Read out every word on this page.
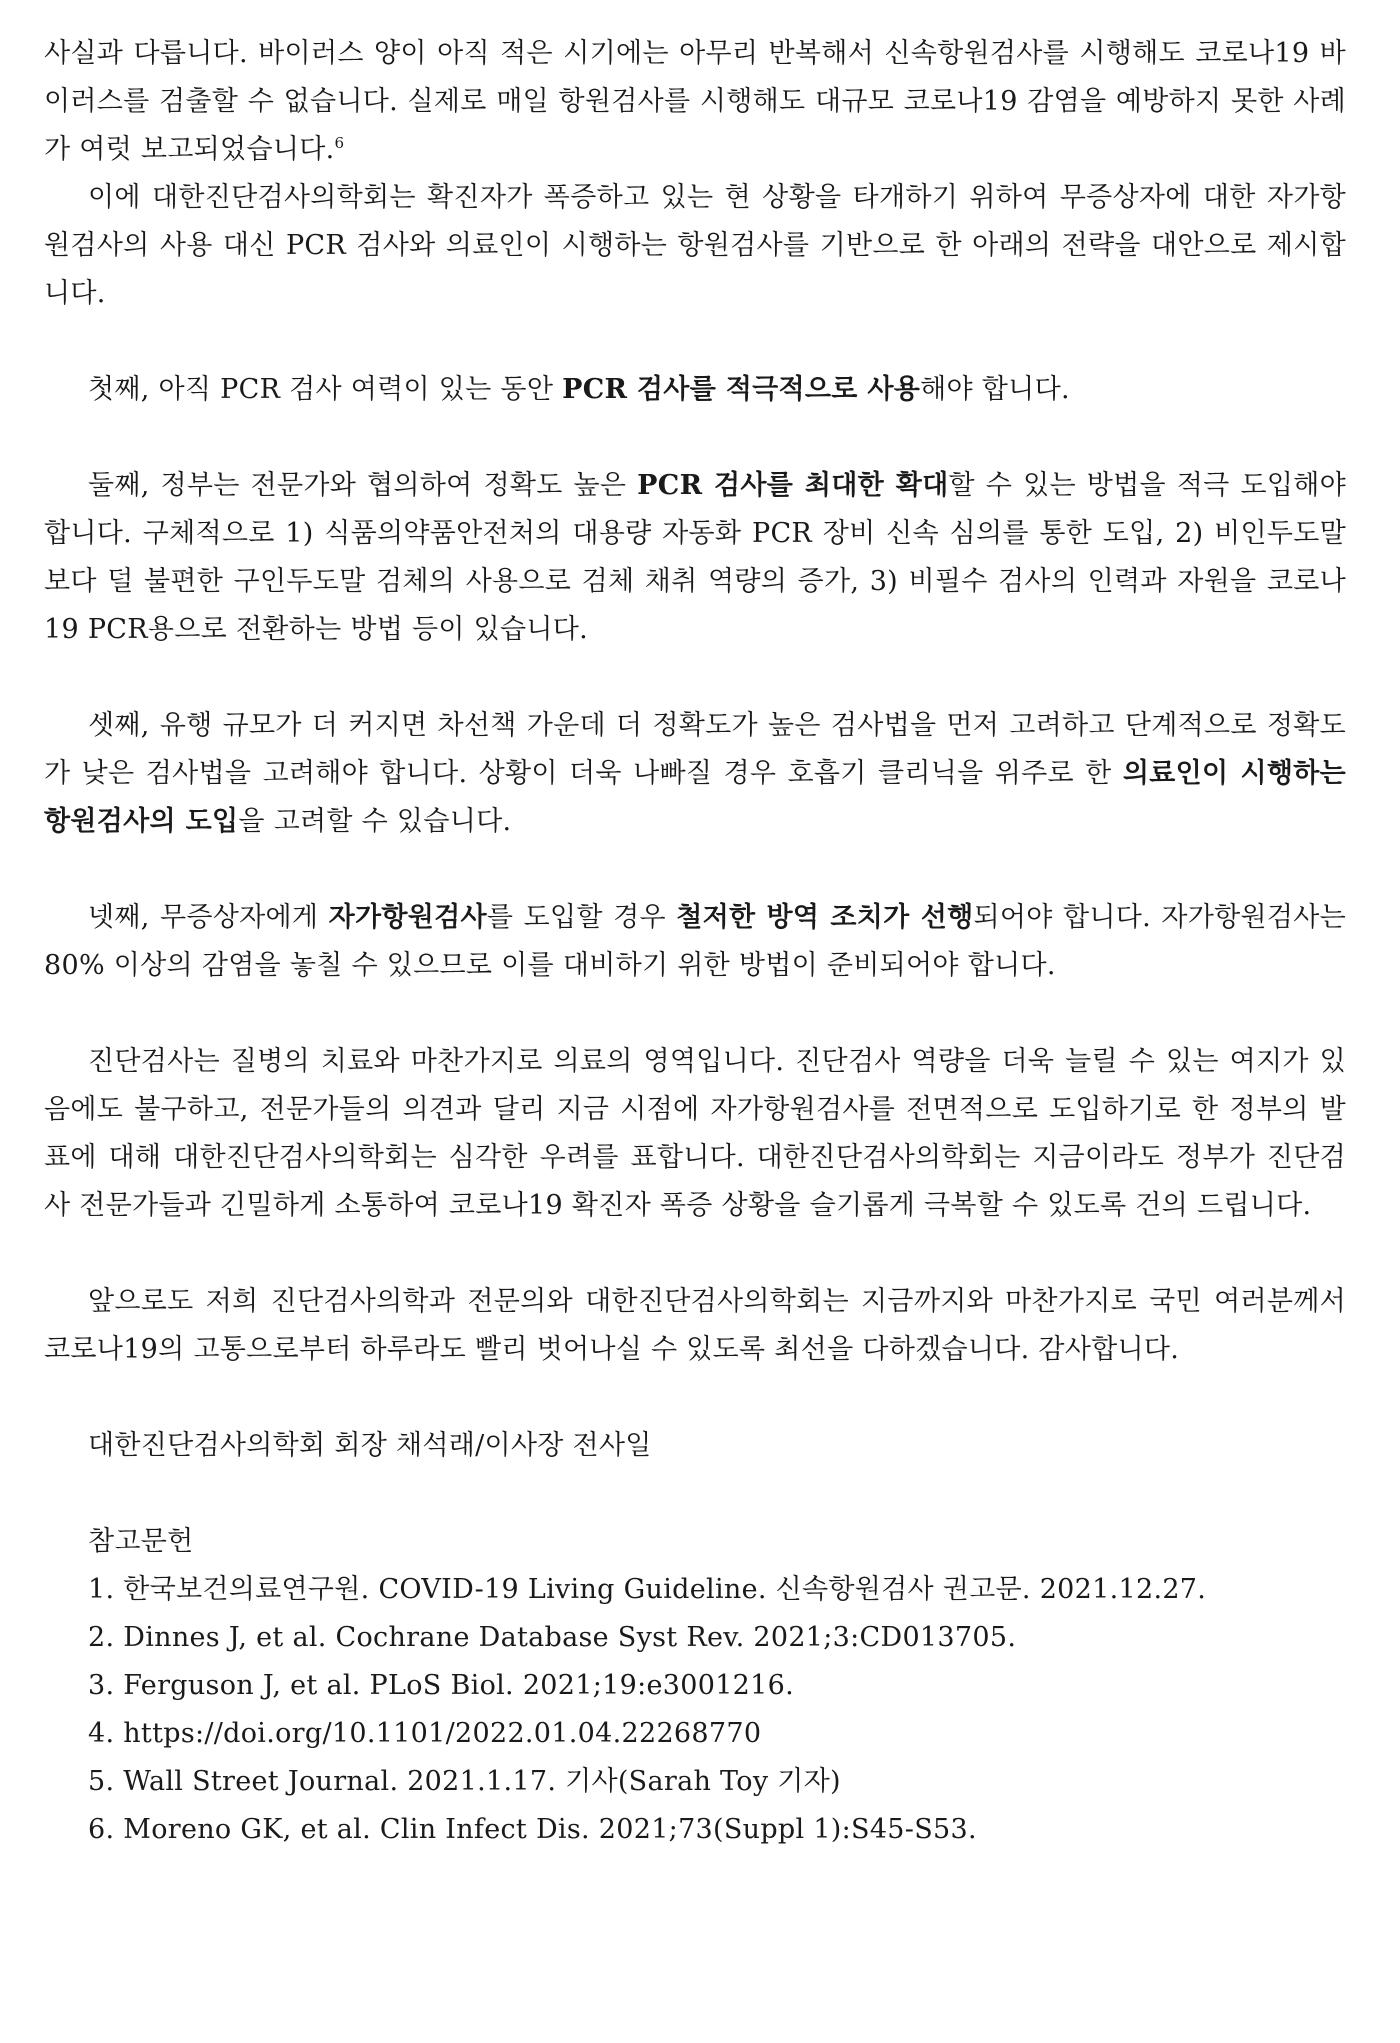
사실과 다릅니다. 바이러스 양이 아직 적은 시기에는 아무리 반복해서 신속항원검사를 시행해도 코로나19 바이러스를 검출할 수 없습니다. 실제로 매일 항원검사를 시행해도 대규모 코로나19 감염을 예방하지 못한 사례가 여럿 보고되었습니다.$^6$

이에 대한진단검사의학회는 확진자가 폭증하고 있는 현 상황을 타개하기 위하여 무증상자에 대한 자가항원검사의 사용 대신 PCR 검사와 의료인이 시행하는 항원검사를 기반으로 한 아래의 전략을 대안으로 제시합니다.

첫째, 아직 PCR 검사 여력이 있는 동안 PCR 검사를 적극적으로 사용해야 합니다.

둘째, 정부는 전문가와 협의하여 정확도 높은 PCR 검사를 최대한 확대할 수 있는 방법을 적극 도입해야 합니다. 구체적으로 1) 식품의약품안전처의 대용량 자동화 PCR 장비 신속 심의를 통한 도입, 2) 비인두도말보다 덜 불편한 구인두도말 검체의 사용으로 검체 채취 역량의 증가, 3) 비필수 검사의 인력과 자원을 코로나19 PCR용으로 전환하는 방법 등이 있습니다.

셋째, 유행 규모가 더 커지면 차선책 가운데 더 정확도가 높은 검사법을 먼저 고려하고 단계적으로 정확도가 낮은 검사법을 고려해야 합니다. 상황이 더욱 나빠질 경우 호흡기 클리닉을 위주로 한 의료인이 시행하는 항원검사의 도입을 고려할 수 있습니다.

넷째, 무증상자에게 자가항원검사를 도입할 경우 철저한 방역 조치가 선행되어야 합니다. 자가항원검사는 80% 이상의 감염을 놓칠 수 있으므로 이를 대비하기 위한 방법이 준비되어야 합니다.

진단검사는 질병의 치료와 마찬가지로 의료의 영역입니다. 진단검사 역량을 더욱 늘릴 수 있는 여지가 있음에도 불구하고, 전문가들의 의견과 달리 지금 시점에 자가항원검사를 전면적으로 도입하기로 한 정부의 발표에 대해 대한진단검사의학회는 심각한 우려를 표합니다. 대한진단검사의학회는 지금이라도 정부가 진단검사 전문가들과 긴밀하게 소통하여 코로나19 확진자 폭증 상황을 슬기롭게 극복할 수 있도록 건의 드립니다.

앞으로도 저희 진단검사의학과 전문의와 대한진단검사의학회는 지금까지와 마찬가지로 국민 여러분께서 코로나19의 고통으로부터 하루라도 빨리 벗어나실 수 있도록 최선을 다하겠습니다. 감사합니다.

대한진단검사의학회 회장 채석래/이사장 전사일
참고문헌
1. 한국보건의료연구원. COVID-19 Living Guideline. 신속항원검사 권고문. 2021.12.27.
2. Dinnes J, et al. Cochrane Database Syst Rev. 2021;3:CD013705.
3. Ferguson J, et al. PLoS Biol. 2021;19:e3001216.
4. https://doi.org/10.1101/2022.01.04.22268770
5. Wall Street Journal. 2021.1.17. 기사(Sarah Toy 기자)
6. Moreno GK, et al. Clin Infect Dis. 2021;73(Suppl 1):S45-S53.
